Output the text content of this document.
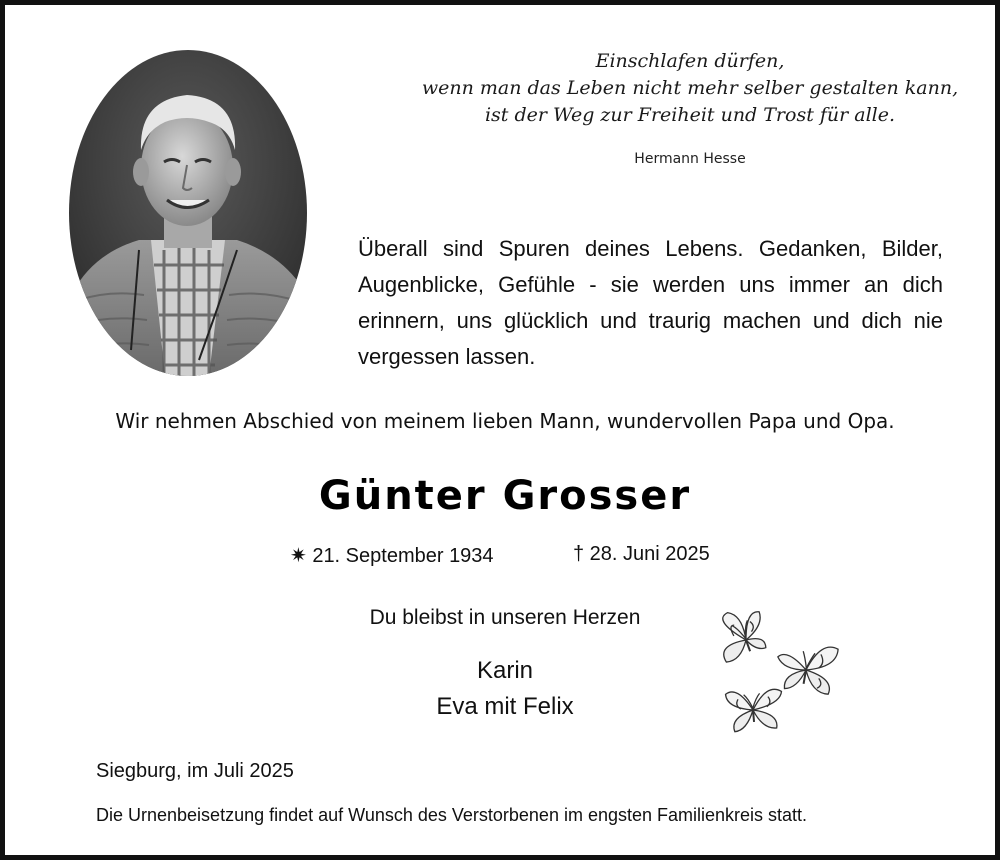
Einschlafen dürfen,
wenn man das Leben nicht mehr selber gestalten kann,
ist der Weg zur Freiheit und Trost für alle.
Hermann Hesse
Überall sind Spuren deines Lebens. Gedanken, Bilder, Augenblicke, Gefühle - sie werden uns immer an dich erinnern, uns glücklich und traurig machen und dich nie vergessen lassen.
Wir nehmen Abschied von meinem lieben Mann, wundervollen Papa und Opa.
Günter Grosser
✷ 21. September 1934	† 28. Juni 2025
Du bleibst in unseren Herzen
Karin
Eva mit Felix
Siegburg, im Juli 2025
Die Urnenbeisetzung findet auf Wunsch des Verstorbenen im engsten Familienkreis statt.
